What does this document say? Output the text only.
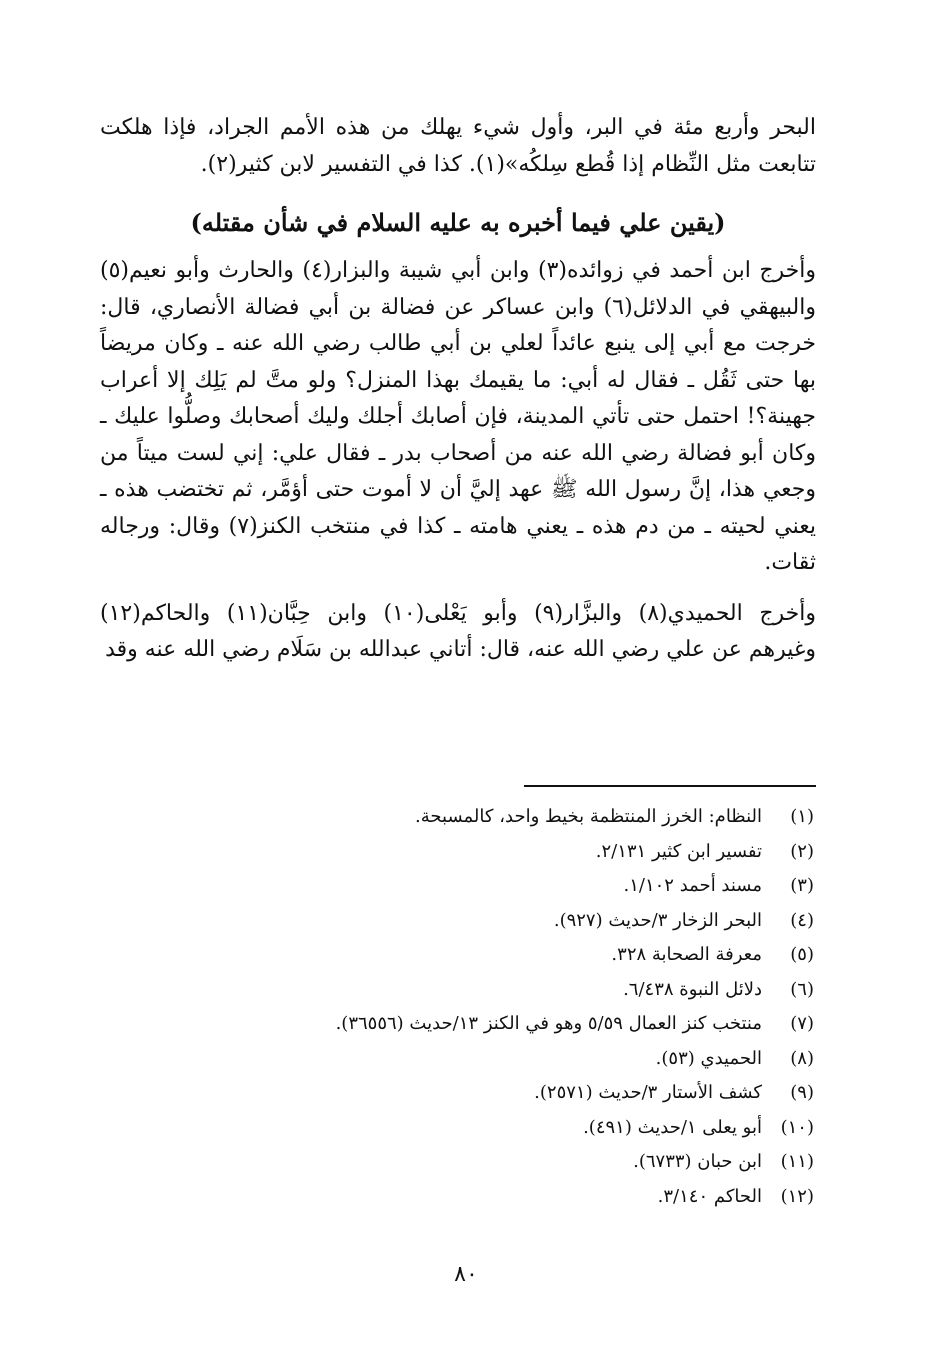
البحر وأربع مئة في البر، وأول شيء يهلك من هذه الأمم الجراد، فإذا هلكت تتابعت مثل النِّظام إذا قُطع سِلكُه»(١). كذا في التفسير لابن كثير(٢).

(يقين علي فيما أخبره به عليه السلام في شأن مقتله)

وأخرج ابن أحمد في زوائده(٣) وابن أبي شيبة والبزار(٤) والحارث وأبو نعيم(٥) والبيهقي في الدلائل(٦) وابن عساكر عن فضالة بن أبي فضالة الأنصاري، قال: خرجت مع أبي إلى ينبع عائداً لعلي بن أبي طالب رضي الله عنه ـ وكان مريضاً بها حتى ثَقُل ـ فقال له أبي: ما يقيمك بهذا المنزل؟ ولو متَّ لم يَلِك إلا أعراب جهينة؟! احتمل حتى تأتي المدينة، فإن أصابك أجلك وليك أصحابك وصلُّوا عليك ـ وكان أبو فضالة رضي الله عنه من أصحاب بدر ـ فقال علي: إني لست ميتاً من وجعي هذا، إنَّ رسول الله ﷺ عهد إليَّ أن لا أموت حتى أؤمَّر، ثم تختضب هذه ـ يعني لحيته ـ من دم هذه ـ يعني هامته ـ كذا في منتخب الكنز(٧) وقال: ورجاله ثقات.

وأخرج الحميدي(٨) والبزَّار(٩) وأبو يَعْلى(١٠) وابن حِبَّان(١١) والحاكم(١٢) وغيرهم عن علي رضي الله عنه، قال: أتاني عبدالله بن سَلَام رضي الله عنه وقد

(١)النظام: الخرز المنتظمة بخيط واحد، كالمسبحة.
(٢)تفسير ابن كثير ٢/١٣١.
(٣)مسند أحمد ١/١٠٢.
(٤)البحر الزخار ٣/حديث (٩٢٧).
(٥)معرفة الصحابة ٣٢٨.
(٦)دلائل النبوة ٦/٤٣٨.
(٧)منتخب كنز العمال ٥/٥٩ وهو في الكنز ١٣/حديث (٣٦٥٥٦).
(٨)الحميدي (٥٣).
(٩)كشف الأستار ٣/حديث (٢٥٧١).
(١٠)أبو يعلى ١/حديث (٤٩١).
(١١)ابن حبان (٦٧٣٣).
(١٢)الحاكم ٣/١٤٠.
٨٠
